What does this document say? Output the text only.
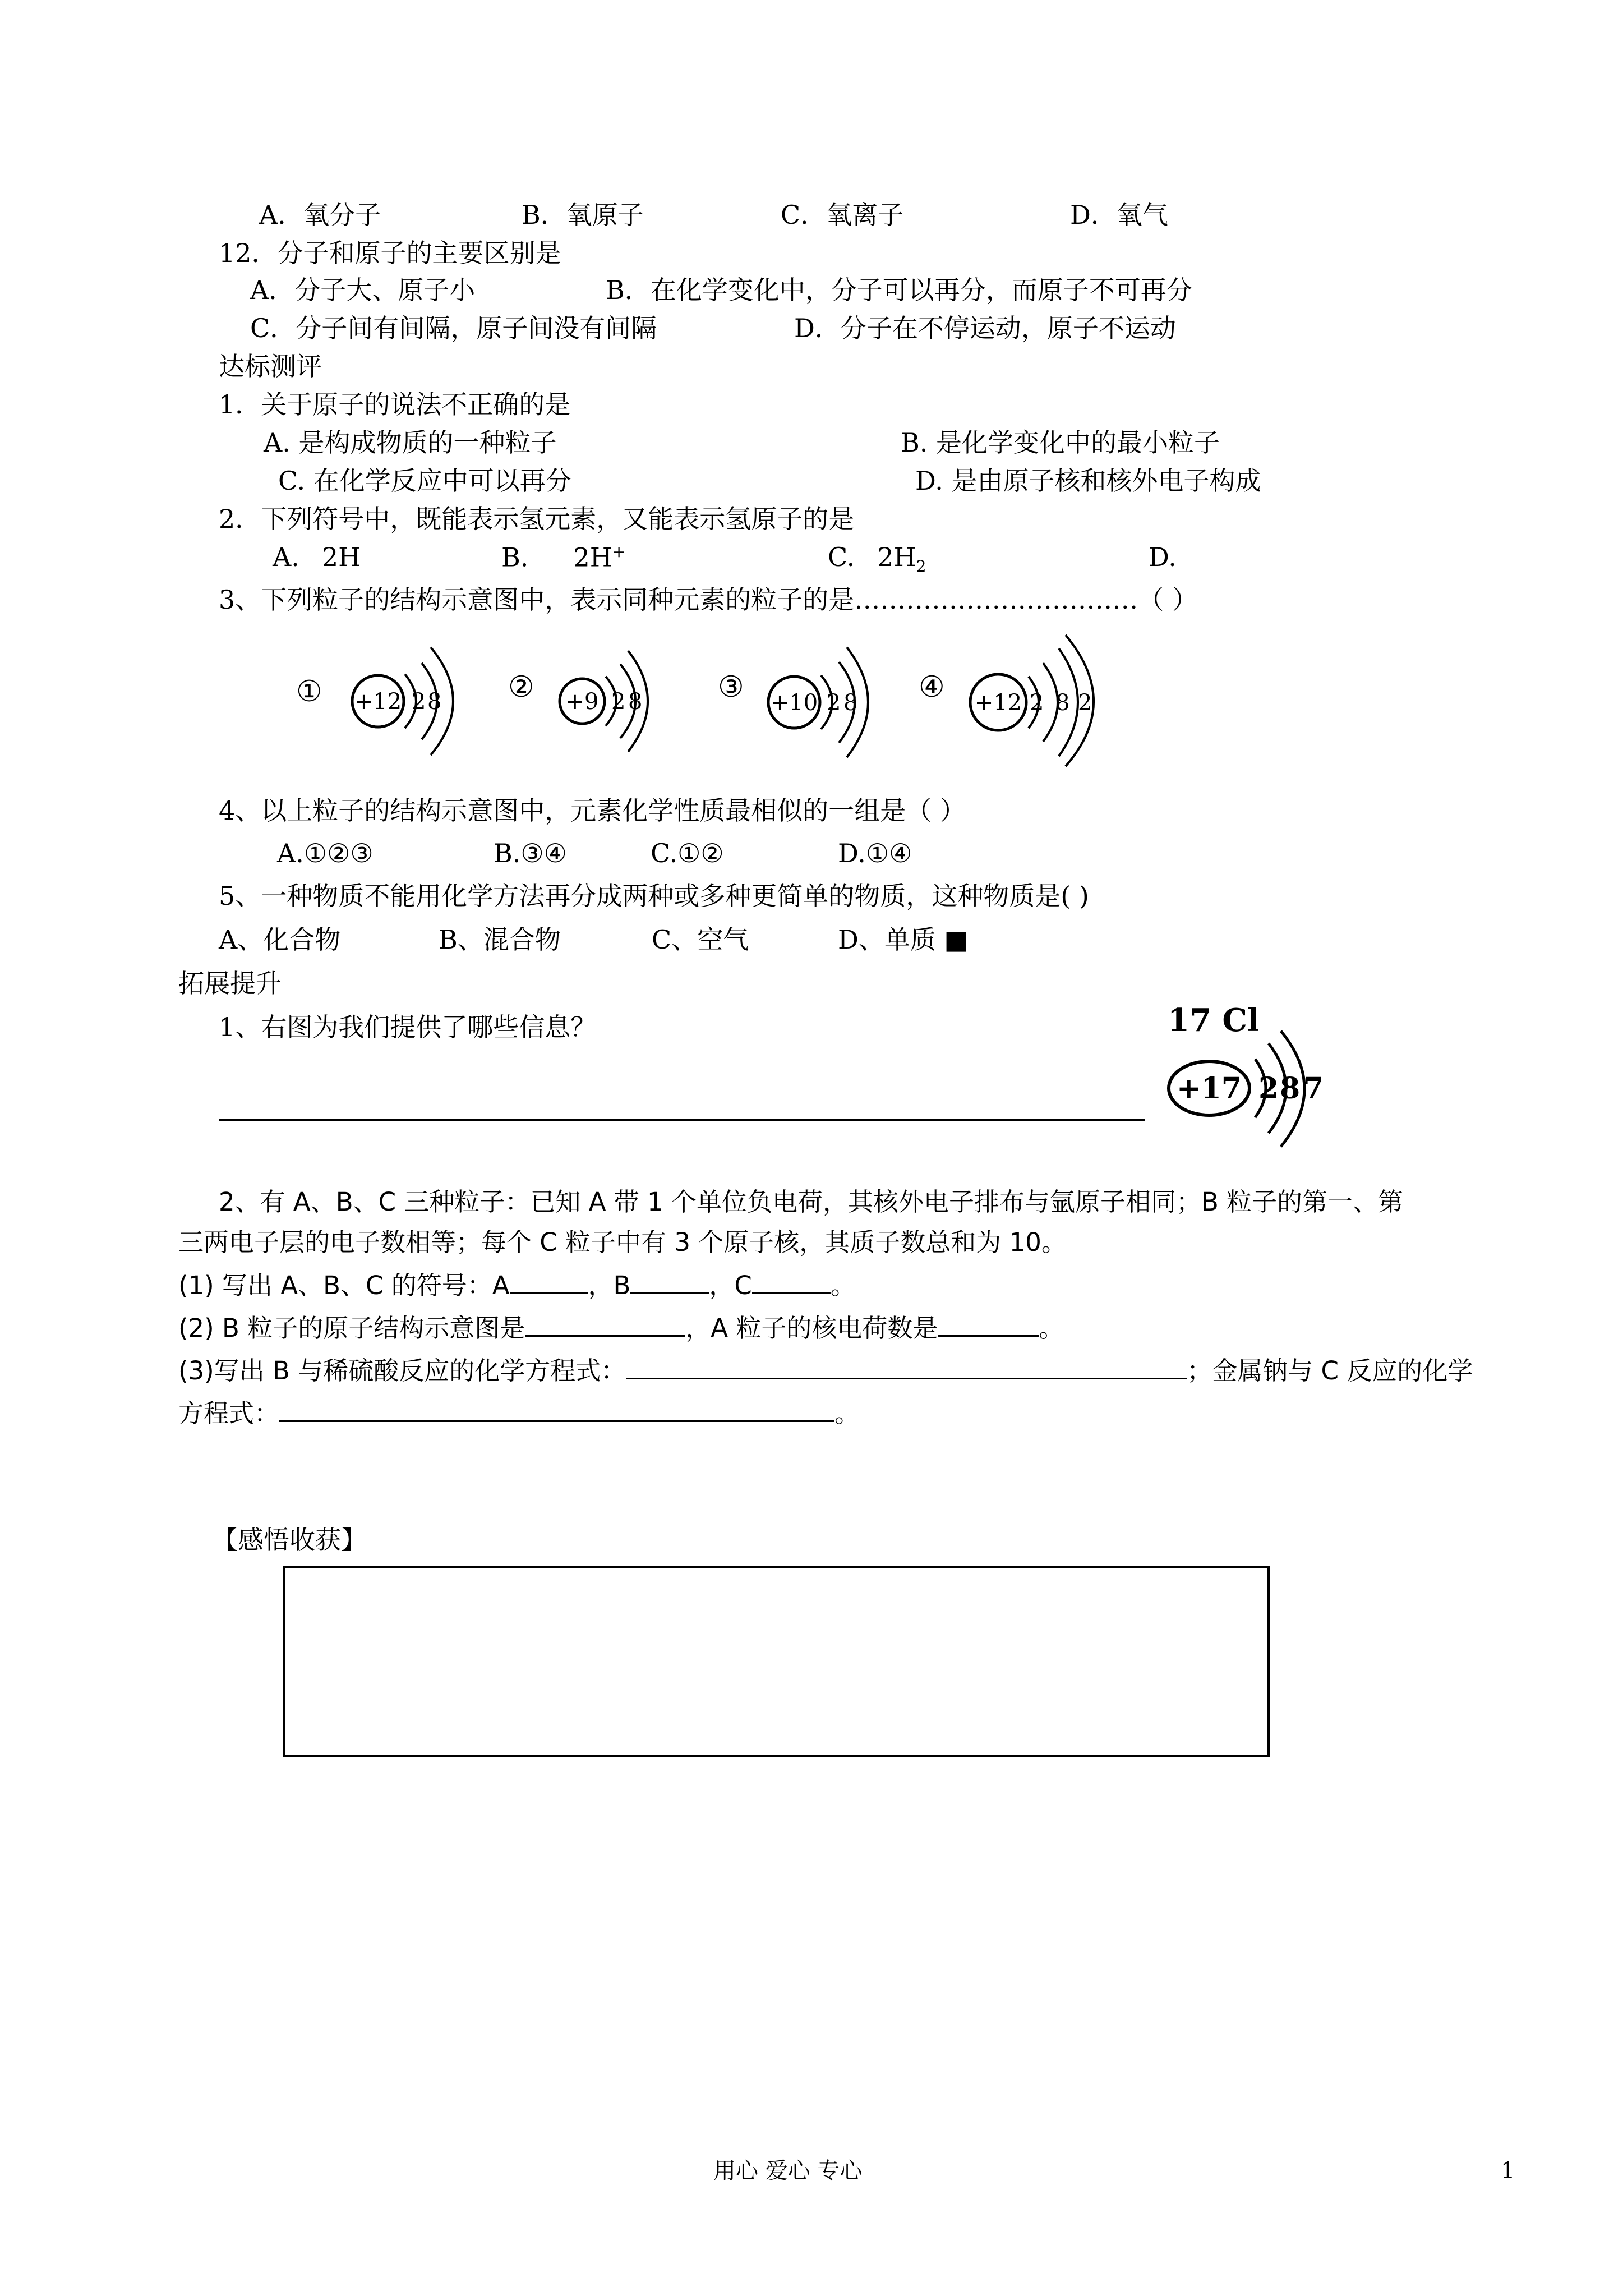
A．氧分子	B．氧原子	C．氧离子	D．氧气
12．分子和原子的主要区别是
A．分子大、原子小	B．在化学变化中，分子可以再分，而原子不可再分
C．分子间有间隔，原子间没有间隔	D．分子在不停运动，原子不运动
达标测评
1．关于原子的说法不正确的是
A. 是构成物质的一种粒子	B. 是化学变化中的最小粒子
C. 在化学反应中可以再分	D. 是由原子核和核外电子构成
2．下列符号中，既能表示氢元素，又能表示氢原子的是
A. 2H	B. 2H+	C. $2H_2$	D.
3、下列粒子的结构示意图中，表示同种元素的粒子的是……………………………（ ）
① +12 2 8 ② +9 2 8	③ +10 2 8 ④ +12 2 8 2
4、以上粒子的结构示意图中，元素化学性质最相似的一组是（ ）
A.①②③	B.③④	C.①②	D.①④
5、一种物质不能用化学方法再分成两种或多种更简单的物质，这种物质是( )
A、化合物	B、混合物	C、空气	D、单质 ■
拓展提升
1、右图为我们提供了哪些信息？	17 Cl
+17 2 8 7
2、有 A、B、C 三种粒子：已知 A 带 1 个单位负电荷，其核外电子排布与氩原子相同；B 粒子的第一、第
三两电子层的电子数相等；每个 C 粒子中有 3 个原子核，其质子数总和为 10。
(1) 写出 A、B、C 的符号：A	，B	，C	。
(2) B 粒子的原子结构示意图是	，A 粒子的核电荷数是	。
(3)写出 B 与稀硫酸反应的化学方程式：	；金属钠与 C 反应的化学
方程式：	。
【感悟收获】
用心 爱心 专心	1
